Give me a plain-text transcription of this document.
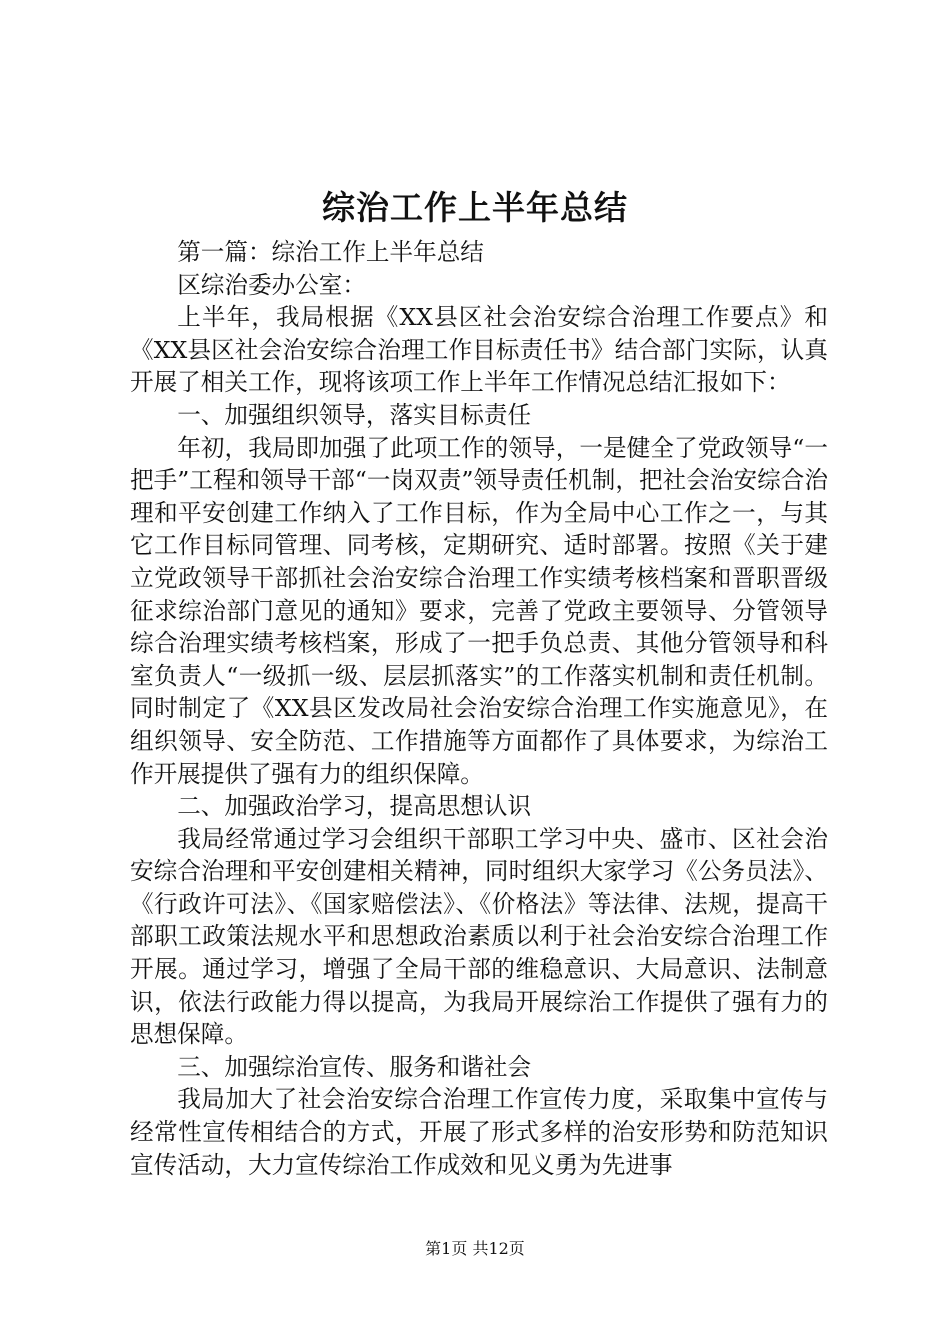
综治工作上半年总结

第一篇：综治工作上半年总结

区综治委办公室：

上半年，我局根据《XX县区社会治安综合治理工作要点》和《XX县区社会治安综合治理工作目标责任书》结合部门实际，认真开展了相关工作，现将该项工作上半年工作情况总结汇报如下：

一、加强组织领导，落实目标责任

年初，我局即加强了此项工作的领导，一是健全了党政领导“一把手”工程和领导干部“一岗双责”领导责任机制，把社会治安综合治理和平安创建工作纳入了工作目标，作为全局中心工作之一，与其它工作目标同管理、同考核，定期研究、适时部署。按照《关于建立党政领导干部抓社会治安综合治理工作实绩考核档案和晋职晋级征求综治部门意见的通知》要求，完善了党政主要领导、分管领导综合治理实绩考核档案，形成了一把手负总责、其他分管领导和科室负责人“一级抓一级、层层抓落实”的工作落实机制和责任机制。同时制定了《XX县区发改局社会治安综合治理工作实施意见》，在组织领导、安全防范、工作措施等方面都作了具体要求，为综治工作开展提供了强有力的组织保障。

二、加强政治学习，提高思想认识

我局经常通过学习会组织干部职工学习中央、盛市、区社会治安综合治理和平安创建相关精神，同时组织大家学习《公务员法》、《行政许可法》、《国家赔偿法》、《价格法》等法律、法规，提高干部职工政策法规水平和思想政治素质以利于社会治安综合治理工作开展。通过学习，增强了全局干部的维稳意识、大局意识、法制意识，依法行政能力得以提高，为我局开展综治工作提供了强有力的思想保障。

三、加强综治宣传、服务和谐社会

我局加大了社会治安综合治理工作宣传力度，采取集中宣传与经常性宣传相结合的方式，开展了形式多样的治安形势和防范知识宣传活动，大力宣传综治工作成效和见义勇为先进事

第1页 共12页
